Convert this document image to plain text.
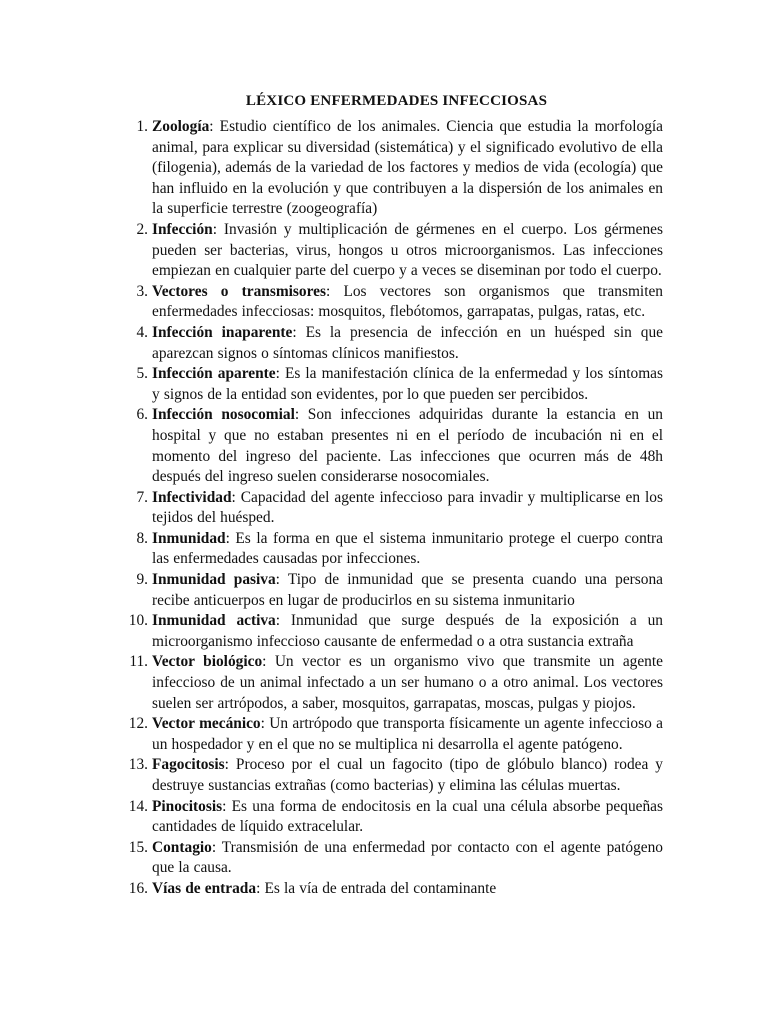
LÉXICO ENFERMEDADES INFECCIOSAS
1. Zoología: Estudio científico de los animales. Ciencia que estudia la morfología animal, para explicar su diversidad (sistemática) y el significado evolutivo de ella (filogenia), además de la variedad de los factores y medios de vida (ecología) que han influido en la evolución y que contribuyen a la dispersión de los animales en la superficie terrestre (zoogeografía)
2. Infección: Invasión y multiplicación de gérmenes en el cuerpo. Los gérmenes pueden ser bacterias, virus, hongos u otros microorganismos. Las infecciones empiezan en cualquier parte del cuerpo y a veces se diseminan por todo el cuerpo.
3. Vectores o transmisores: Los vectores son organismos que transmiten enfermedades infecciosas: mosquitos, flebótomos, garrapatas, pulgas, ratas, etc.
4. Infección inaparente: Es la presencia de infección en un huésped sin que aparezcan signos o síntomas clínicos manifiestos.
5. Infección aparente: Es la manifestación clínica de la enfermedad y los síntomas y signos de la entidad son evidentes, por lo que pueden ser percibidos.
6. Infección nosocomial: Son infecciones adquiridas durante la estancia en un hospital y que no estaban presentes ni en el período de incubación ni en el momento del ingreso del paciente. Las infecciones que ocurren más de 48h después del ingreso suelen considerarse nosocomiales.
7. Infectividad: Capacidad del agente infeccioso para invadir y multiplicarse en los tejidos del huésped.
8. Inmunidad: Es la forma en que el sistema inmunitario protege el cuerpo contra las enfermedades causadas por infecciones.
9. Inmunidad pasiva: Tipo de inmunidad que se presenta cuando una persona recibe anticuerpos en lugar de producirlos en su sistema inmunitario
10. Inmunidad activa: Inmunidad que surge después de la exposición a un microorganismo infeccioso causante de enfermedad o a otra sustancia extraña
11. Vector biológico: Un vector es un organismo vivo que transmite un agente infeccioso de un animal infectado a un ser humano o a otro animal. Los vectores suelen ser artrópodos, a saber, mosquitos, garrapatas, moscas, pulgas y piojos.
12. Vector mecánico: Un artrópodo que transporta físicamente un agente infeccioso a un hospedador y en el que no se multiplica ni desarrolla el agente patógeno.
13. Fagocitosis: Proceso por el cual un fagocito (tipo de glóbulo blanco) rodea y destruye sustancias extrañas (como bacterias) y elimina las células muertas.
14. Pinocitosis: Es una forma de endocitosis en la cual una célula absorbe pequeñas cantidades de líquido extracelular.
15. Contagio: Transmisión de una enfermedad por contacto con el agente patógeno que la causa.
16. Vías de entrada: Es la vía de entrada del contaminante
